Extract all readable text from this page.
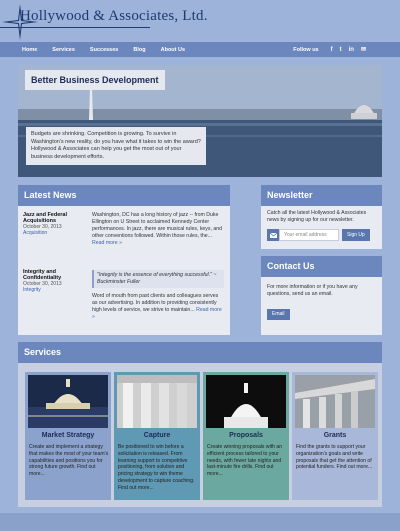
Hollywood & Associates, Ltd.
Home	Services	Successes	Blog	About Us	Follow us f t in ✉
Better Business Development
Budgets are shrinking. Competition is growing. To survive in Washington's new reality, do you have what it takes to win the award? Hollywood & Associates can help you get the most out of your business development efforts.
Latest News
Jazz and Federal Acquisitions
October 30, 2013
Acquisition
Washington, DC has a long history of jazz -- from Duke Ellington on U Street to acclaimed Kennedy Center performances. In jazz, there are musical rules, keys, and other conventions followed. Within those rules, the... Read more »
Integrity and Confidentiality
October 30, 2013
Integrity
"Integrity is the essence of everything successful." ~ Buckminster Fuller
Word of mouth from past clients and colleagues serves as our advertising. In addition to providing consistently high levels of service, we strive to maintain... Read more »
Newsletter
Catch all the latest Hollywood & Associates news by signing up for our newsletter.
Your email address	Sign Up
Contact Us
For more information or if you have any questions, send us an email.
Email
Services
Market Strategy
Create and implement a strategy that makes the most of your team's capabilities and positions you for strong future growth. Find out more...
Capture
Be positioned to win before a solicitation is released. From learning support to competitive positioning, from solution and pricing strategy to win theme development to capture coaching. Find out more...
Proposals
Create winning proposals with an efficient process tailored to your needs, with fewer late nights and last-minute fire drills. Find out more...
Grants
Find the grants to support your organization's goals and write proposals that get the attention of potential funders. Find out more...
